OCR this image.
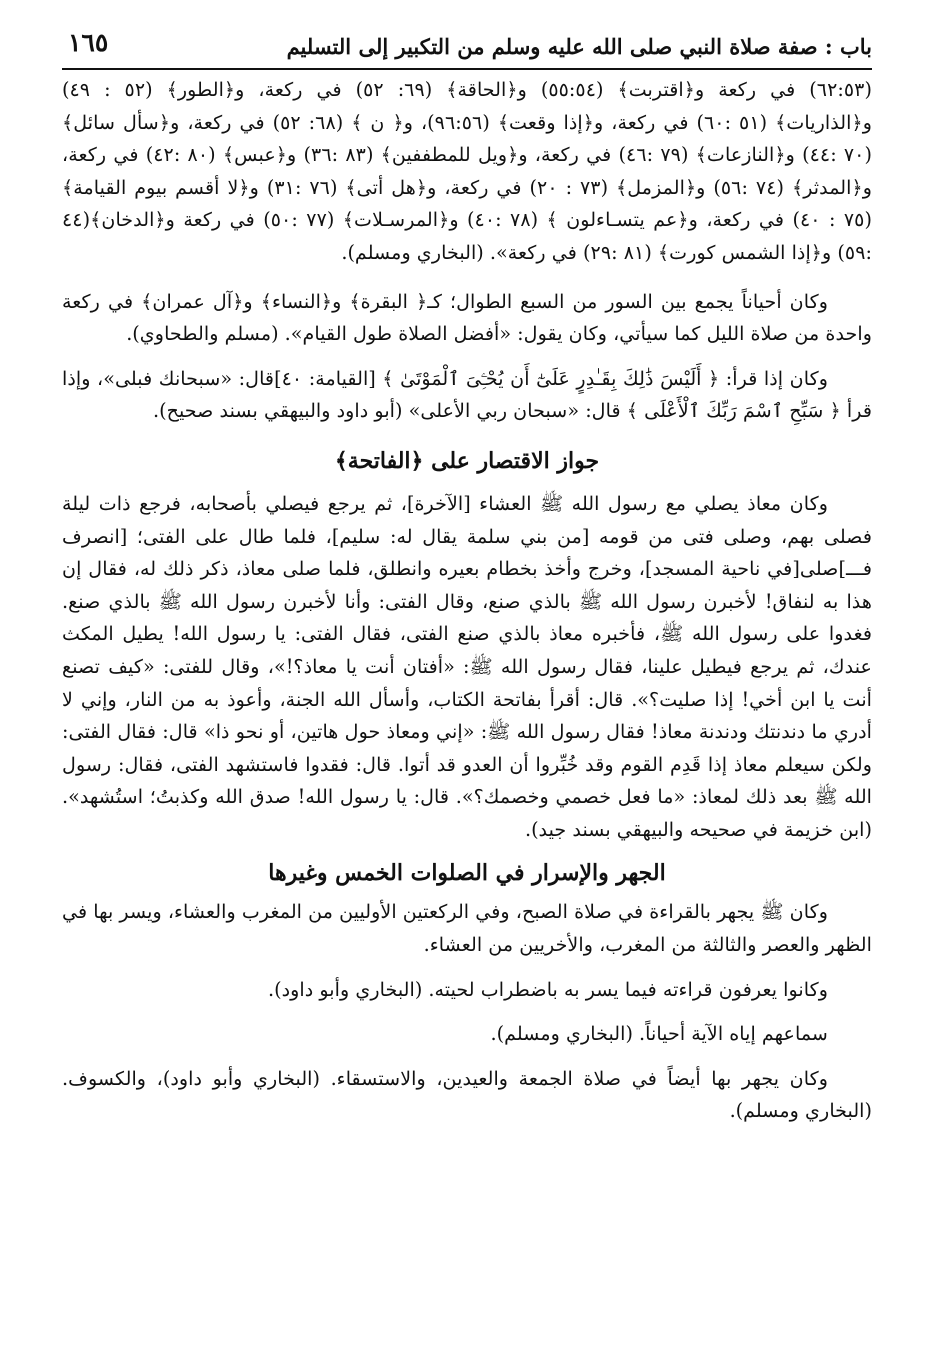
باب : صفة صلاة النبي صلى الله عليه وسلم من التكبير إلى التسليم
١٦٥

(٦٢:٥٣) في ركعة و﴿اقتربت﴾ (٥٥:٥٤) و﴿الحاقة﴾ (٦٩: ٥٢) في ركعة، و﴿الطور﴾ (٥٢ : ٤٩) و﴿الذاريات﴾ (٥١ :٦٠) في ركعة، و﴿إذا وقعت﴾ (٩٦:٥٦)، و﴿ ن ﴾ (٦٨: ٥٢) في ركعة، و﴿سأل سائل﴾ (٧٠ :٤٤) و﴿النازعات﴾ (٧٩ :٤٦) في ركعة، و﴿ويل للمطففين﴾ (٨٣ :٣٦) و﴿عبس﴾ (٨٠ :٤٢) في ركعة، و﴿المدثر﴾ (٧٤ :٥٦) و﴿المزمل﴾ (٧٣ : ٢٠) في ركعة، و﴿هل أتى﴾ (٧٦ :٣١) و﴿لا أقسم بيوم القيامة﴾ (٧٥ : ٤٠) في ركعة، و﴿عم يتسـاءلون ﴾ (٧٨ :٤٠) و﴿المرسـلات﴾ (٧٧ :٥٠) في ركعة و﴿الدخان﴾(٤٤ :٥٩) و﴿إذا الشمس كورت﴾ (٨١ :٢٩) في ركعة». (البخاري ومسلم).

وكان أحياناً يجمع بين السور من السبع الطوال؛ كـ﴿ البقرة﴾ و﴿النساء﴾ و﴿آل عمران﴾ في ركعة واحدة من صلاة الليل كما سيأتي، وكان يقول: «أفضل الصلاة طول القيام». (مسلم والطحاوي).

وكان إذا قرأ: ﴿ أَلَيْسَ ذَٰلِكَ بِقَـٰدِرٍ عَلَىٰٓ أَن يُحْـِۧىَ ٱلْمَوْتَىٰ ﴾ [القيامة: ٤٠]قال: «سبحانك فبلى»، وإذا قرأ ﴿ سَبِّحِ ٱسْمَ رَبِّكَ ٱلْأَعْلَى ﴾ قال: «سبحان ربي الأعلى» (أبو داود والبيهقي بسند صحيح).

جواز الاقتصار على ﴿الفاتحة﴾

وكان معاذ يصلي مع رسول الله ﷺ العشاء [الآخرة]، ثم يرجع فيصلي بأصحابه، فرجع ذات ليلة فصلى بهم، وصلى فتى من قومه [من بني سلمة يقال له: سليم]، فلما طال على الفتى؛ [انصرف فـــ]صلى[في ناحية المسجد]، وخرج وأخذ بخطام بعيره وانطلق، فلما صلى معاذ، ذكر ذلك له، فقال إن هذا به لنفاق! لأخبرن رسول الله ﷺ بالذي صنع، وقال الفتى: وأنا لأخبرن رسول الله ﷺ بالذي صنع. فغدوا على رسول الله ﷺ، فأخبره معاذ بالذي صنع الفتى، فقال الفتى: يا رسول الله! يطيل المكث عندك، ثم يرجع فيطيل علينا، فقال رسول الله ﷺ: «أفتان أنت يا معاذ؟!»، وقال للفتى: «كيف تصنع أنت يا ابن أخي! إذا صليت؟». قال: أقرأ بفاتحة الكتاب، وأسأل الله الجنة، وأعوذ به من النار، وإني لا أدري ما دندنتك ودندنة معاذ! فقال رسول الله ﷺ: «إني ومعاذ حول هاتين، أو نحو ذا» قال: فقال الفتى: ولكن سيعلم معاذ إذا قَدِم القوم وقد خُبِّروا أن العدو قد أتوا. قال: فقدوا فاستشهد الفتى، فقال: رسول الله ﷺ بعد ذلك لمعاذ: «ما فعل خصمي وخصمك؟». قال: يا رسول الله! صدق الله وكذبتُ؛ استُشهد». (ابن خزيمة في صحيحه والبيهقي بسند جيد).

الجهر والإسرار في الصلوات الخمس وغيرها

وكان ﷺ يجهر بالقراءة في صلاة الصبح، وفي الركعتين الأوليين من المغرب والعشاء، ويسر بها في الظهر والعصر والثالثة من المغرب، والأخريين من العشاء.

وكانوا يعرفون قراءته فيما يسر به باضطراب لحيته. (البخاري وأبو داود).

سماعهم إياه الآية أحياناً. (البخاري ومسلم).

وكان يجهر بها أيضاً في صلاة الجمعة والعيدين، والاستسقاء. (البخاري وأبو داود)، والكسوف. (البخاري ومسلم).
